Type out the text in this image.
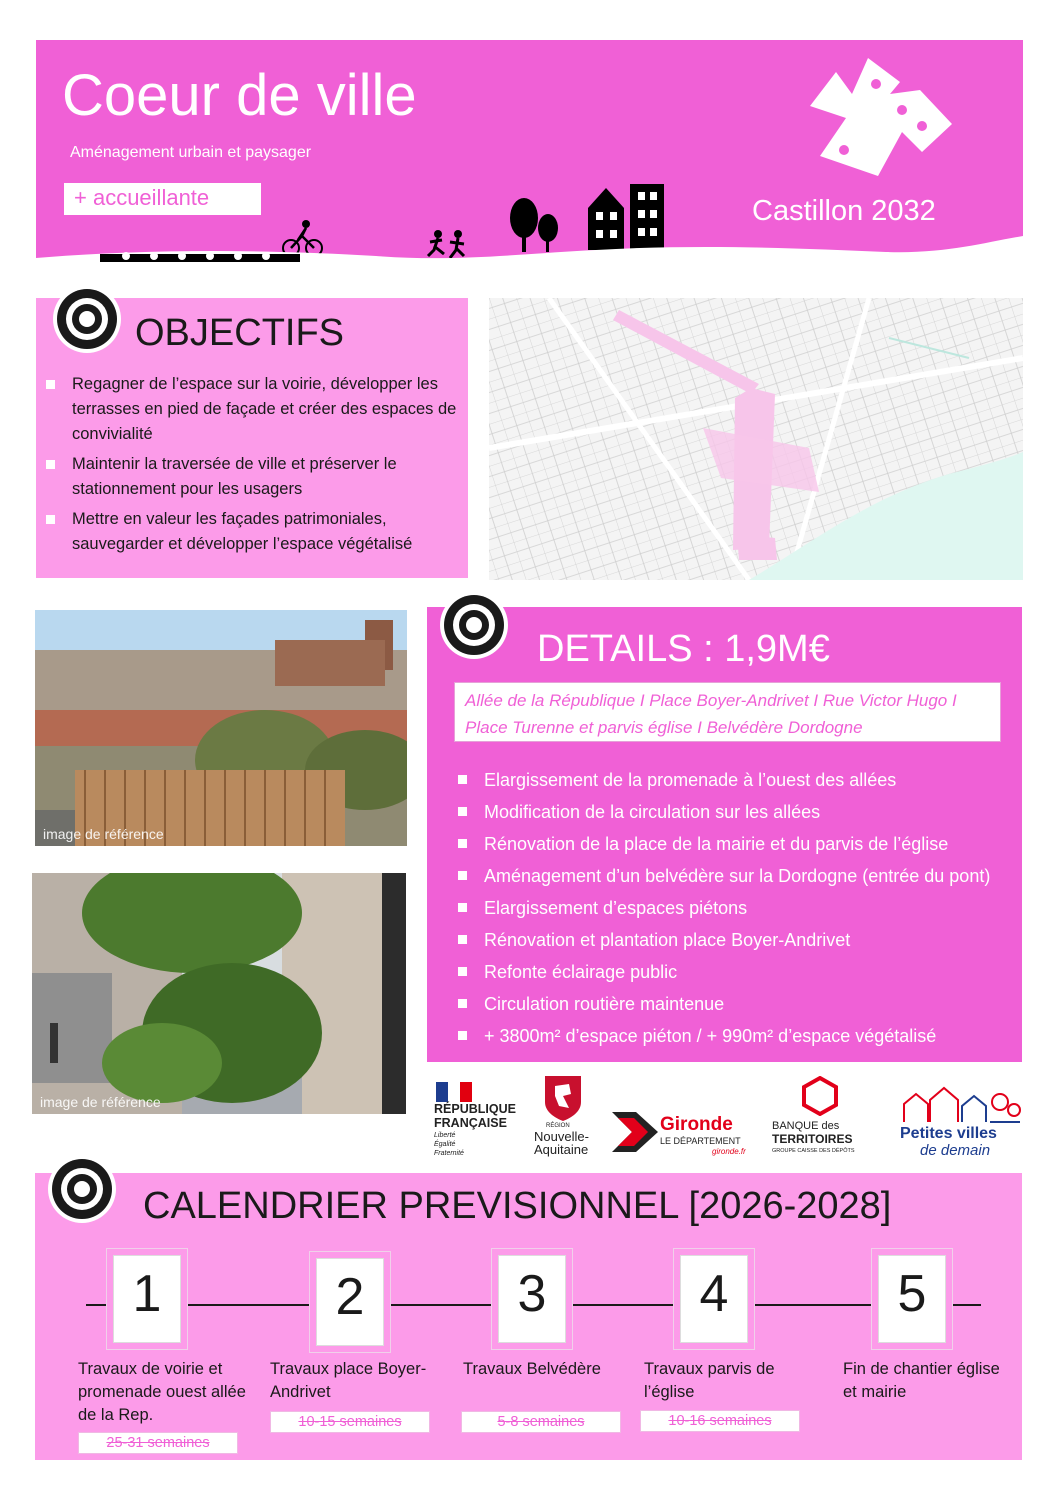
Coeur de ville
Aménagement urbain et paysager
+ accueillante	Castillon 2032
OBJECTIFS
Regagner de l’espace sur la voirie, développer les terrasses en pied de façade et créer des espaces de convivialité
Maintenir la traversée de ville et préserver le stationnement pour les usagers
Mettre en valeur les façades patrimoniales, sauvegarder et développer l’espace végétalisé
image de référence
image de référence
DETAILS : 1,9M€
Allée de la République I Place Boyer-Andrivet I Rue Victor Hugo I Place Turenne et parvis église I Belvédère Dordogne
Elargissement de la promenade à l’ouest des allées
Modification de la circulation sur les allées
Rénovation de la place de la mairie et du parvis de l’église
Aménagement d’un belvédère sur la Dordogne (entrée du pont)
Elargissement d’espaces piétons
Rénovation et plantation place Boyer-Andrivet
Refonte éclairage public
Circulation routière maintenue
+ 3800m² d’espace piéton / + 990m² d’espace végétalisé
RÉPUBLIQUE
FRANÇAISE
Liberté
Égalité
Fraternité
RÉGION
Nouvelle-
Aquitaine
Gironde
LE DÉPARTEMENT
gironde.fr
BANQUE des
TERRITOIRES
GROUPE CAISSE DES DÉPÔTS
Petites villes
de demain
CALENDRIER PREVISIONNEL [2026-2028]
1
Travaux de voirie et promenade ouest allée de la Rep.
25-31 semaines
2
Travaux place Boyer-Andrivet
10-15 semaines
3
Travaux Belvédère
5-8 semaines
4
Travaux parvis de l’église
10-16 semaines
5
Fin de chantier église et mairie
